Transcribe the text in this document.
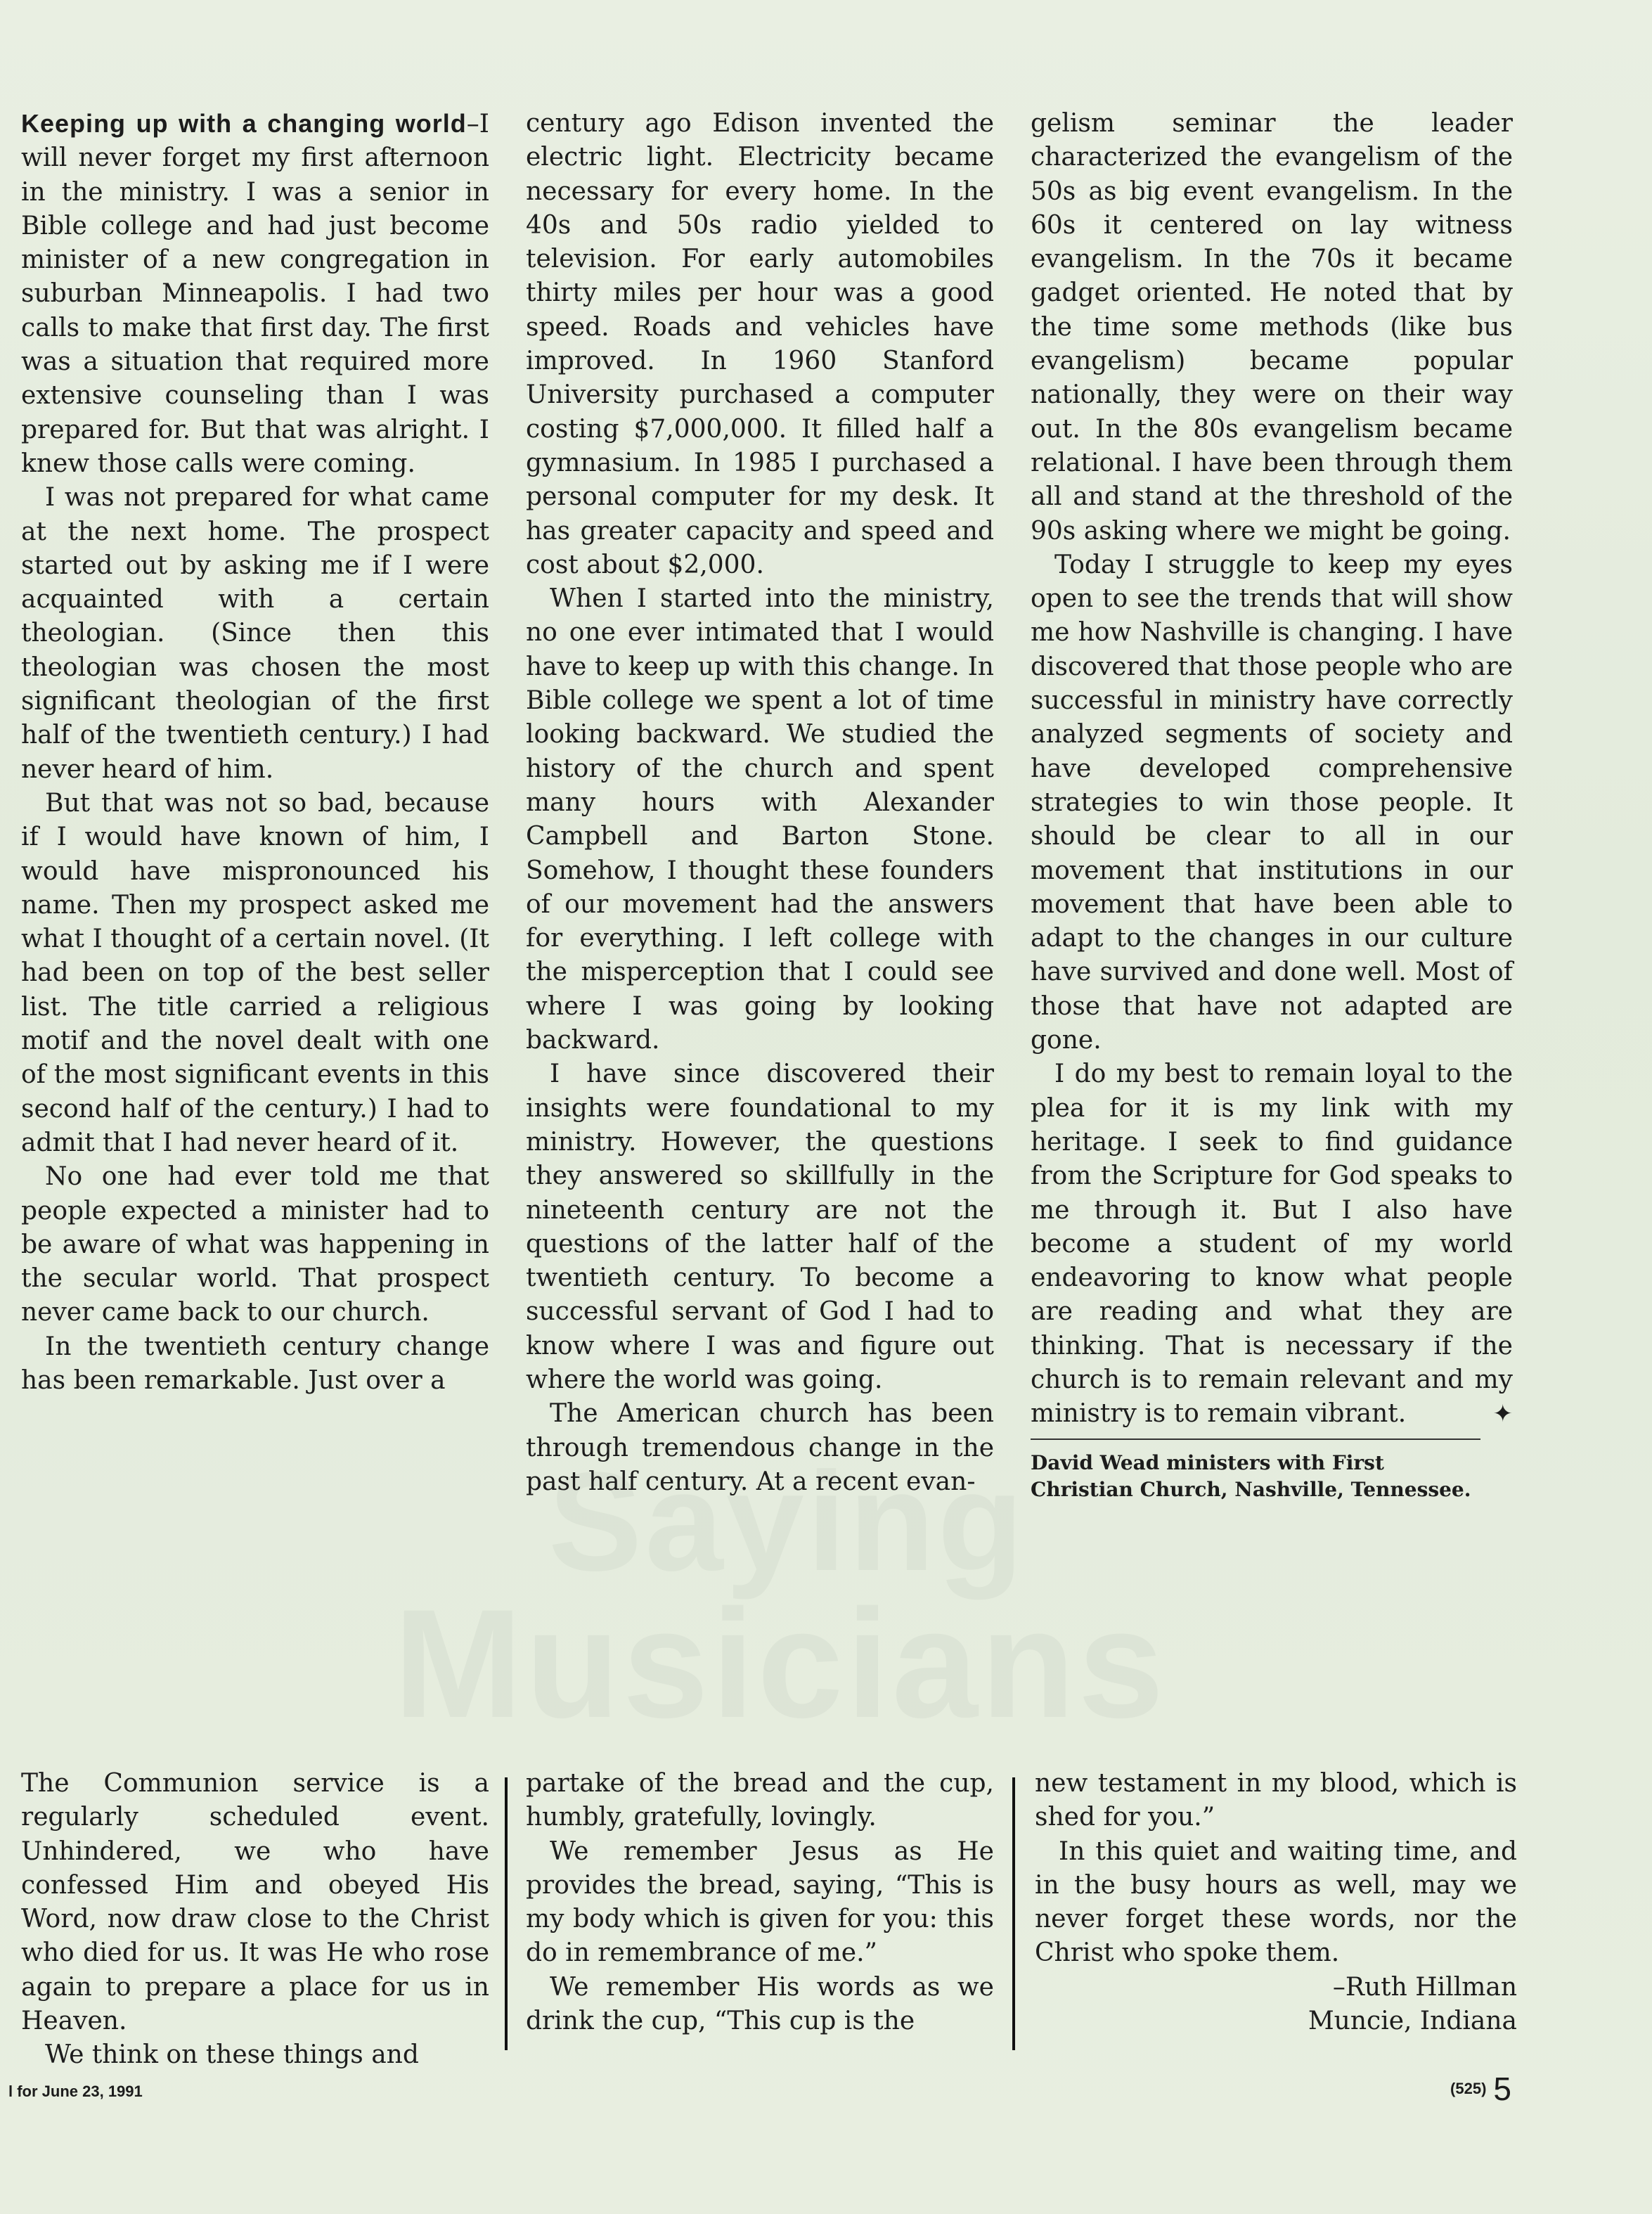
Keeping up with a changing world–I will never forget my first afternoon in the ministry. I was a senior in Bible college and had just become minister of a new congregation in suburban Minneapolis. I had two calls to make that first day. The first was a situation that required more extensive counseling than I was prepared for. But that was alright. I knew those calls were coming.

I was not prepared for what came at the next home. The prospect started out by asking me if I were acquainted with a certain theologian. (Since then this theologian was chosen the most significant theologian of the first half of the twentieth century.) I had never heard of him.

But that was not so bad, because if I would have known of him, I would have mispronounced his name. Then my prospect asked me what I thought of a certain novel. (It had been on top of the best seller list. The title carried a religious motif and the novel dealt with one of the most significant events in this second half of the century.) I had to admit that I had never heard of it.

No one had ever told me that people expected a minister had to be aware of what was happening in the secular world. That prospect never came back to our church.

In the twentieth century change has been remarkable. Just over a

century ago Edison invented the electric light. Electricity became necessary for every home. In the 40s and 50s radio yielded to television. For early automobiles thirty miles per hour was a good speed. Roads and vehicles have improved. In 1960 Stanford University purchased a computer costing $7,000,000. It filled half a gymnasium. In 1985 I purchased a personal computer for my desk. It has greater capacity and speed and cost about $2,000.

When I started into the ministry, no one ever intimated that I would have to keep up with this change. In Bible college we spent a lot of time looking backward. We studied the history of the church and spent many hours with Alexander Campbell and Barton Stone. Somehow, I thought these founders of our movement had the answers for everything. I left college with the misperception that I could see where I was going by looking backward.

I have since discovered their insights were foundational to my ministry. However, the questions they answered so skillfully in the nineteenth century are not the questions of the latter half of the twentieth century. To become a successful servant of God I had to know where I was and figure out where the world was going.

The American church has been through tremendous change in the past half century. At a recent evan-

gelism seminar the leader characterized the evangelism of the 50s as big event evangelism. In the 60s it centered on lay witness evangelism. In the 70s it became gadget oriented. He noted that by the time some methods (like bus evangelism) became popular nationally, they were on their way out. In the 80s evangelism became relational. I have been through them all and stand at the threshold of the 90s asking where we might be going.

Today I struggle to keep my eyes open to see the trends that will show me how Nashville is changing. I have discovered that those people who are successful in ministry have correctly analyzed segments of society and have developed comprehensive strategies to win those people. It should be clear to all in our movement that institutions in our movement that have been able to adapt to the changes in our culture have survived and done well. Most of those that have not adapted are gone.

I do my best to remain loyal to the plea for it is my link with my heritage. I seek to find guidance from the Scripture for God speaks to me through it. But I also have become a student of my world endeavoring to know what people are reading and what they are thinking. That is necessary if the church is to remain relevant and my ministry is to remain vibrant.	✦

David Wead ministers with First Christian Church, Nashville, Tennessee.

The Communion service is a regularly scheduled event. Unhindered, we who have confessed Him and obeyed His Word, now draw close to the Christ who died for us. It was He who rose again to prepare a place for us in Heaven.

We think on these things and

partake of the bread and the cup, humbly, gratefully, lovingly.

We remember Jesus as He provides the bread, saying, “This is my body which is given for you: this do in remembrance of me.”

We remember His words as we drink the cup, “This cup is the

new testament in my blood, which is shed for you.”

In this quiet and waiting time, and in the busy hours as well, may we never forget these words, nor the Christ who spoke them.

–Ruth Hillman

Muncie, Indiana

l for June 23, 1991	(525) 5
